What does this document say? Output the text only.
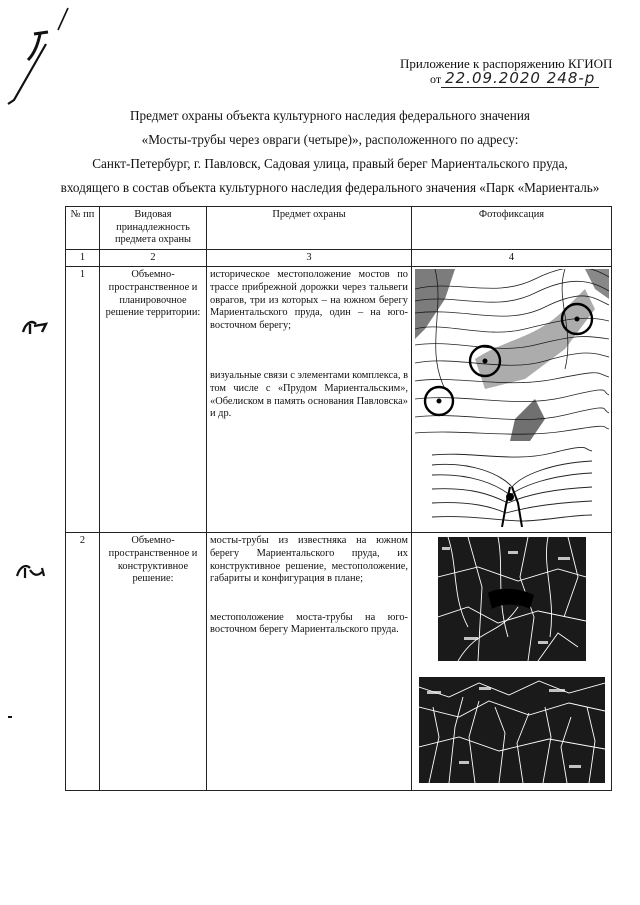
Приложение к распоряжению КГИОП
от 22.09.2020 248-р
Предмет охраны объекта культурного наследия федерального значения
«Мосты-трубы через овраги (четыре)», расположенного по адресу:
Санкт-Петербург, г. Павловск, Садовая улица, правый берег Мариентальского пруда,
входящего в состав объекта культурного наследия федерального значения «Парк «Мариенталь»
№ пп	Видовая принадлежность предмета охраны	Предмет охраны	Фотофиксация
1	2	3	4
1	Объемно-пространственное и планировочное решение территории:	историческое местоположение мостов по трассе прибрежной дорожки через тальвеги оврагов, три из которых – на южном берегу Мариентальского пруда, один – на юго-восточном берегу;

визуальные связи с элементами комплекса, в том числе с «Прудом Мариентальским», «Обелиском в память основания Павловска» и др.

2	Объемно-пространственное и конструктивное решение:	мосты-трубы из известняка на южном берегу Мариентальского пруда, их конструктивное решение, местоположение, габариты и конфигурация в плане;

местоположение моста-трубы на юго-восточном берегу Мариентальского пруда.
